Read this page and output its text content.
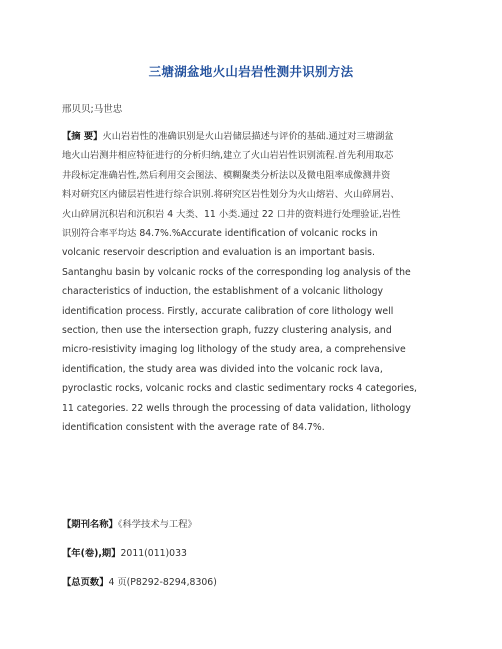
三塘湖盆地火山岩岩性测井识别方法
邢贝贝;马世忠
【摘 要】火山岩岩性的准确识别是火山岩储层描述与评价的基础.通过对三塘湖盆
地火山岩测井相应特征进行的分析归纳,建立了火山岩岩性识别流程.首先利用取芯
井段标定准确岩性,然后利用交会图法、模糊聚类分析法以及微电阻率成像测井资
料对研究区内储层岩性进行综合识别.将研究区岩性划分为火山熔岩、火山碎屑岩、
火山碎屑沉积岩和沉积岩 4 大类、11 小类.通过 22 口井的资料进行处理验证,岩性
识别符合率平均达 84.7%.%Accurate identification of volcanic rocks in
volcanic reservoir description and evaluation is an important basis.
Santanghu basin by volcanic rocks of the corresponding log analysis of the
characteristics of induction, the establishment of a volcanic lithology
identification process. Firstly, accurate calibration of core lithology well
section, then use the intersection graph, fuzzy clustering analysis, and
micro-resistivity imaging log lithology of the study area, a comprehensive
identification, the study area was divided into the volcanic rock lava,
pyroclastic rocks, volcanic rocks and clastic sedimentary rocks 4 categories,
11 categories. 22 wells through the processing of data validation, lithology
identification consistent with the average rate of 84.7%.
【期刊名称】《科学技术与工程》
【年(卷),期】2011(011)033
【总页数】4 页(P8292-8294,8306)
